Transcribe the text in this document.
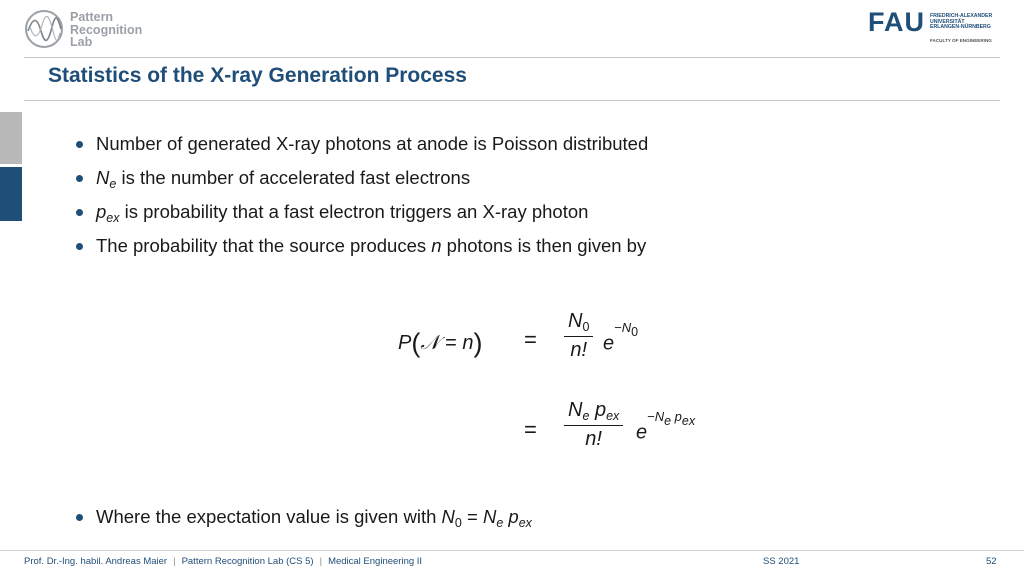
Pattern
Recognition
Lab
FAU FRIEDRICH-ALEXANDER
UNIVERSITÄT
ERLANGEN-NÜRNBERG
FACULTY OF ENGINEERING
Statistics of the X-ray Generation Process
Number of generated X-ray photons at anode is Poisson distributed
$N_e$ is the number of accelerated fast electrons
$p_{ex}$ is probability that a fast electron triggers an X-ray photon
The probability that the source produces n photons is then given by
P(𝒩 = n) =
$N_0$
n! $e^{-N_0}$
=
$N_e$ $p_{ex}$
n!	$e^{-N_e p_{ex}}$
Where the expectation value is given with $N_0 = N_e$ $p_{ex}$
Prof. Dr.-Ing. habil. Andreas Maier | Pattern Recognition Lab (CS 5) | Medical Engineering II	SS 2021	52
